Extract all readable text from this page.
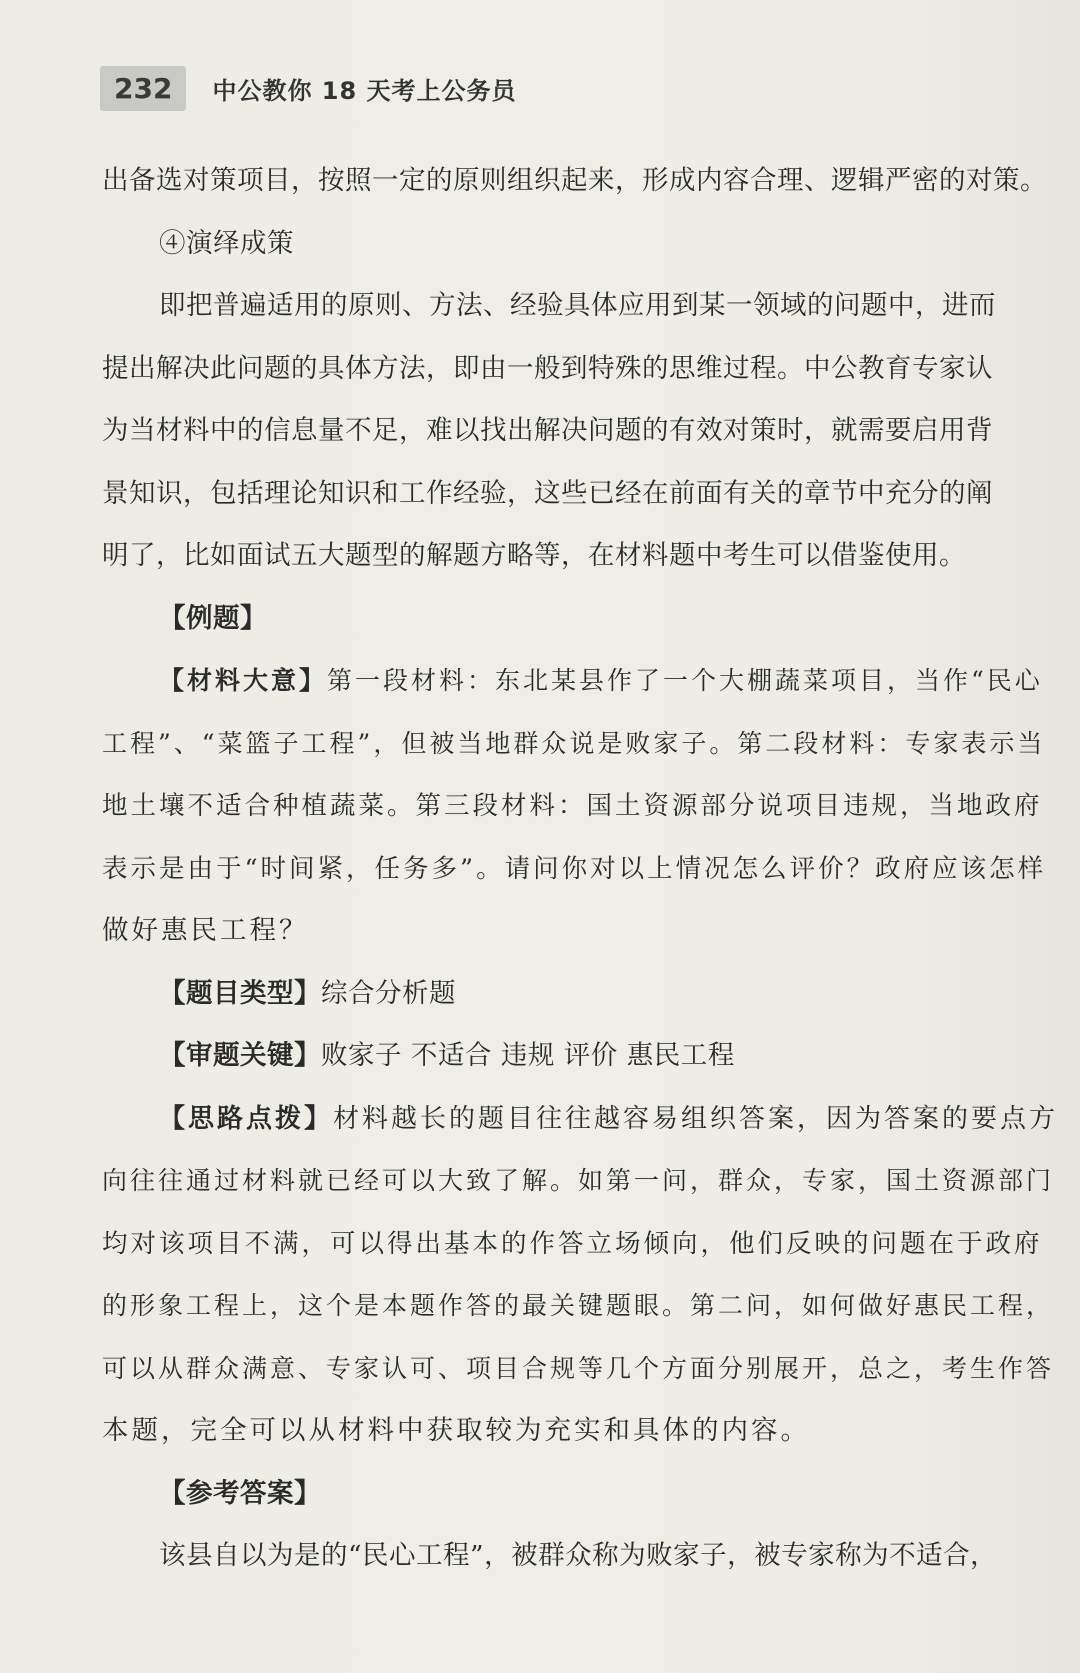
232	中公教你 18 天考上公务员
出备选对策项目，按照一定的原则组织起来，形成内容合理、逻辑严密的对策。
④演绎成策
即把普遍适用的原则、方法、经验具体应用到某一领域的问题中，进而
提出解决此问题的具体方法，即由一般到特殊的思维过程。中公教育专家认
为当材料中的信息量不足，难以找出解决问题的有效对策时，就需要启用背
景知识，包括理论知识和工作经验，这些已经在前面有关的章节中充分的阐
明了，比如面试五大题型的解题方略等，在材料题中考生可以借鉴使用。
【例题】
【材料大意】第一段材料：东北某县作了一个大棚蔬菜项目，当作“民心
工程”、“菜篮子工程”，但被当地群众说是败家子。第二段材料：专家表示当
地土壤不适合种植蔬菜。第三段材料：国土资源部分说项目违规，当地政府
表示是由于“时间紧，任务多”。请问你对以上情况怎么评价？政府应该怎样
做好惠民工程？
【题目类型】综合分析题
【审题关键】败家子 不适合 违规 评价 惠民工程
【思路点拨】材料越长的题目往往越容易组织答案，因为答案的要点方
向往往通过材料就已经可以大致了解。如第一问，群众，专家，国土资源部门
均对该项目不满，可以得出基本的作答立场倾向，他们反映的问题在于政府
的形象工程上，这个是本题作答的最关键题眼。第二问，如何做好惠民工程，
可以从群众满意、专家认可、项目合规等几个方面分别展开，总之，考生作答
本题，完全可以从材料中获取较为充实和具体的内容。
【参考答案】
该县自以为是的“民心工程”，被群众称为败家子，被专家称为不适合，
